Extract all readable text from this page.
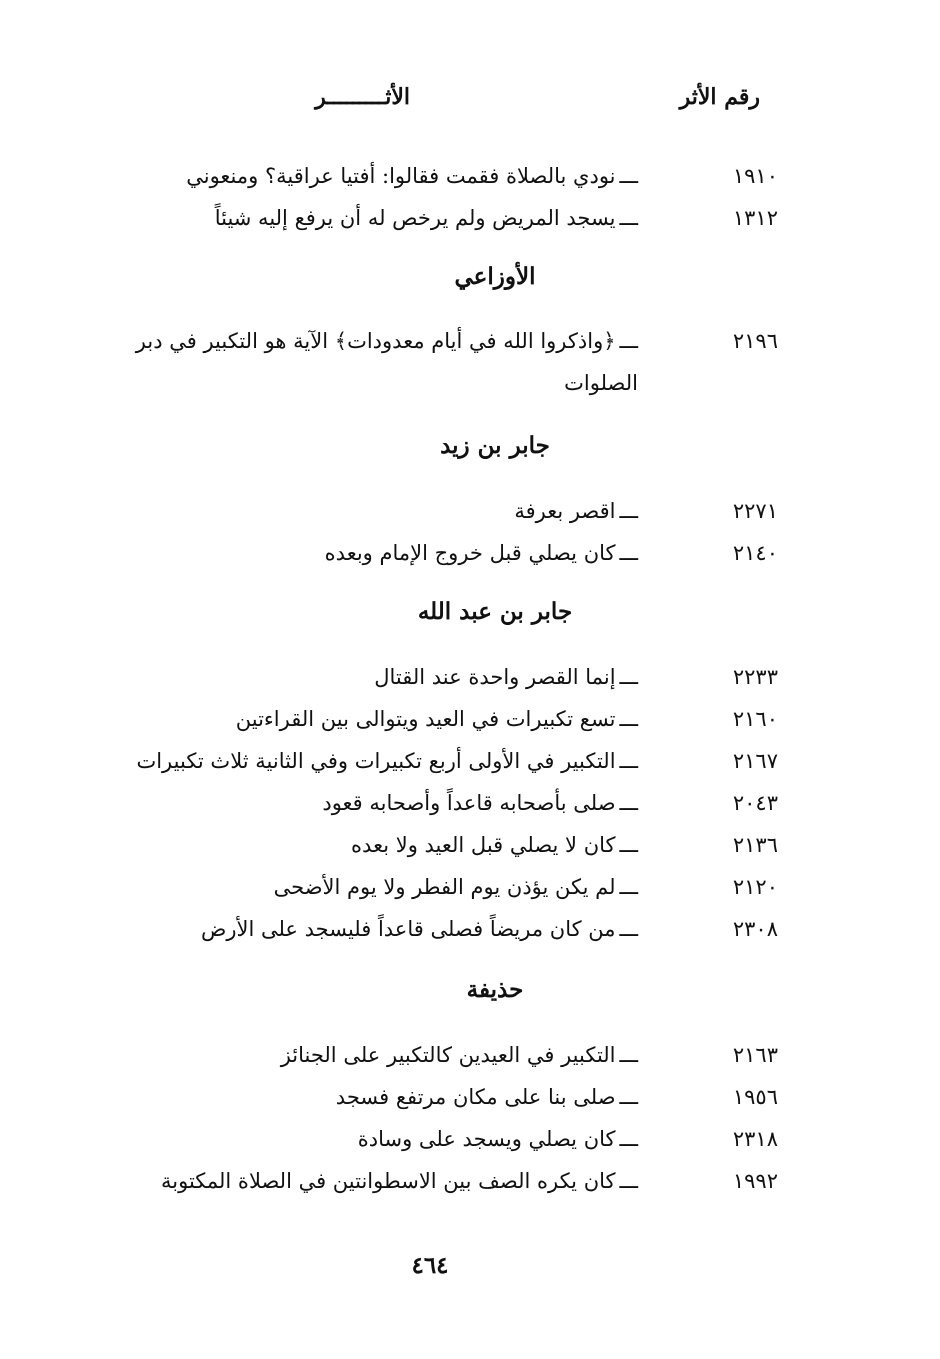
رقم الأثر
الأثـــــــــر
١٩١٠
ـــنودي بالصلاة فقمت فقالوا: أفتيا عراقية؟ ومنعوني
١٣١٢
ـــيسجد المريض ولم يرخص له أن يرفع إليه شيئاً
الأوزاعي
٢١٩٦
ـــ﴿واذكروا الله في أيام معدودات﴾ الآية هو التكبير في دبر الصلوات
جابر بن زيد
٢٢٧١
ـــاقصر بعرفة
٢١٤٠
ـــكان يصلي قبل خروج الإمام وبعده
جابر بن عبد الله
٢٢٣٣
ـــإنما القصر واحدة عند القتال
٢١٦٠
ـــتسع تكبيرات في العيد ويتوالى بين القراءتين
٢١٦٧
ـــالتكبير في الأولى أربع تكبيرات وفي الثانية ثلاث تكبيرات
٢٠٤٣
ـــصلى بأصحابه قاعداً وأصحابه قعود
٢١٣٦
ـــكان لا يصلي قبل العيد ولا بعده
٢١٢٠
ـــلم يكن يؤذن يوم الفطر ولا يوم الأضحى
٢٣٠٨
ـــمن كان مريضاً فصلى قاعداً فليسجد على الأرض
حذيفة
٢١٦٣
ـــالتكبير في العيدين كالتكبير على الجنائز
١٩٥٦
ـــصلى بنا على مكان مرتفع فسجد
٢٣١٨
ـــكان يصلي ويسجد على وسادة
١٩٩٢
ـــكان يكره الصف بين الاسطوانتين في الصلاة المكتوبة
٤٦٤
